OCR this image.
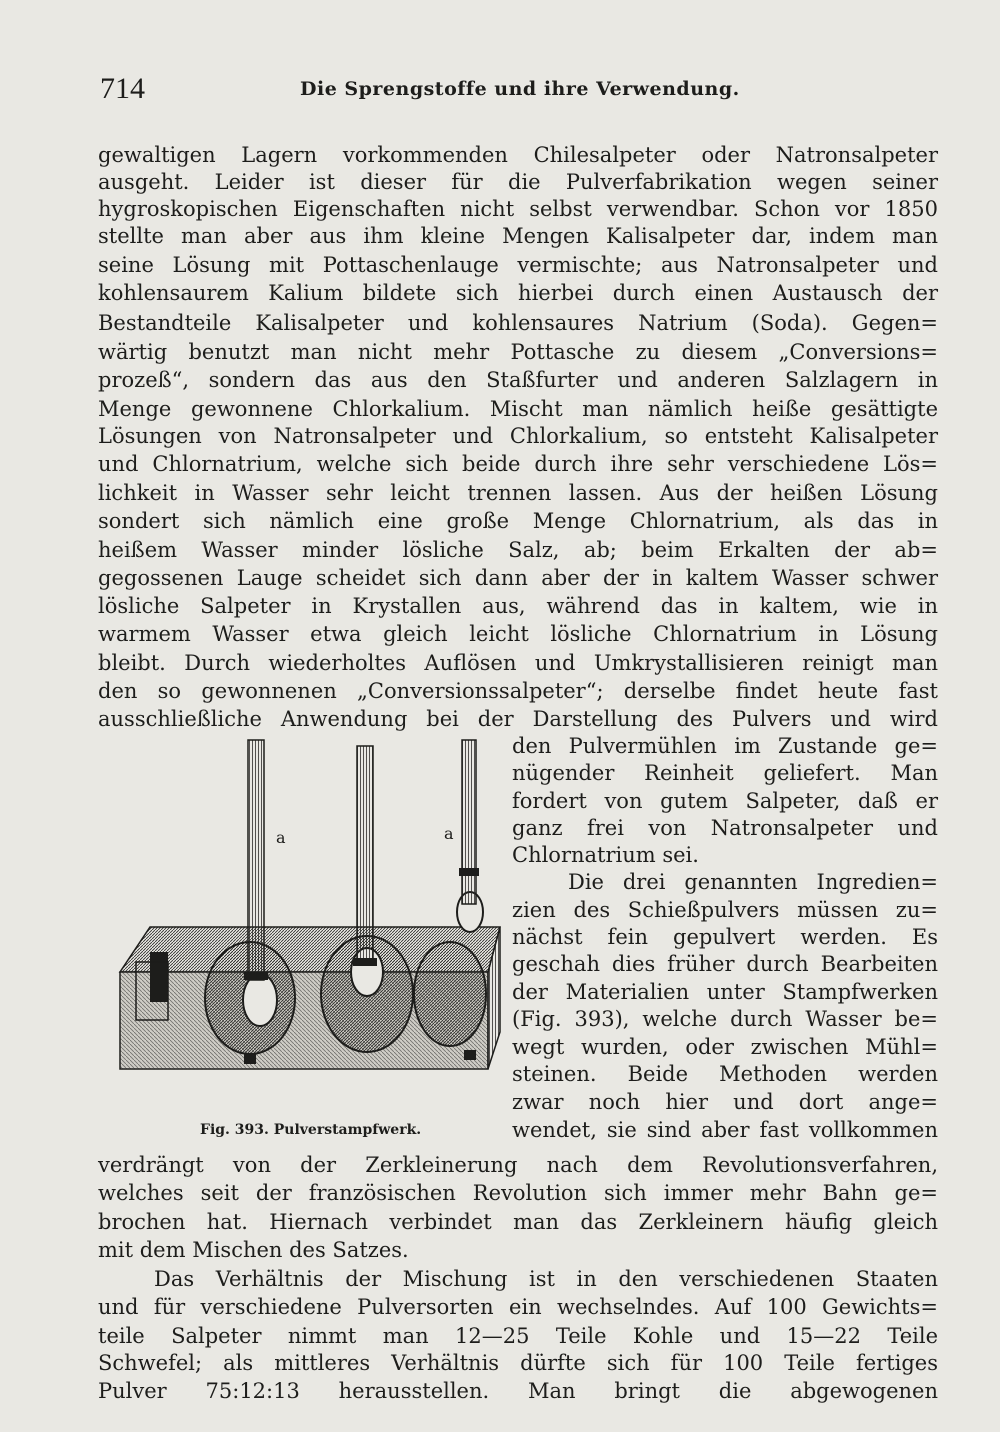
714	Die Sprengstoffe und ihre Verwendung.

gewaltigen Lagern vorkommenden Chilesalpeter oder Natronsalpeter

ausgeht. Leider ist dieser für die Pulverfabrikation wegen seiner

hygroskopischen Eigenschaften nicht selbst verwendbar. Schon vor 1850

stellte man aber aus ihm kleine Mengen Kalisalpeter dar, indem man

seine Lösung mit Pottaschenlauge vermischte; aus Natronsalpeter und

kohlensaurem Kalium bildete sich hierbei durch einen Austausch der

Bestandteile Kalisalpeter und kohlensaures Natrium (Soda). Gegen=

wärtig benutzt man nicht mehr Pottasche zu diesem „Conversions=

prozeß“, sondern das aus den Staßfurter und anderen Salzlagern in

Menge gewonnene Chlorkalium. Mischt man nämlich heiße gesättigte

Lösungen von Natronsalpeter und Chlorkalium, so entsteht Kalisalpeter

und Chlornatrium, welche sich beide durch ihre sehr verschiedene Lös=

lichkeit in Wasser sehr leicht trennen lassen. Aus der heißen Lösung

sondert sich nämlich eine große Menge Chlornatrium, als das in

heißem Wasser minder lösliche Salz, ab; beim Erkalten der ab=

gegossenen Lauge scheidet sich dann aber der in kaltem Wasser schwer

lösliche Salpeter in Krystallen aus, während das in kaltem, wie in

warmem Wasser etwa gleich leicht lösliche Chlornatrium in Lösung

bleibt. Durch wiederholtes Auflösen und Umkrystallisieren reinigt man

den so gewonnenen „Conversionssalpeter“; derselbe findet heute fast

ausschließliche Anwendung bei der Darstellung des Pulvers und wird

den Pulvermühlen im Zustande ge=

nügender Reinheit geliefert. Man

fordert von gutem Salpeter, daß er

ganz frei von Natronsalpeter und

Chlornatrium sei.

Die drei genannten Ingredien=

zien des Schießpulvers müssen zu=

nächst fein gepulvert werden. Es

geschah dies früher durch Bearbeiten

der Materialien unter Stampfwerken

(Fig. 393), welche durch Wasser be=

wegt wurden, oder zwischen Mühl=

steinen. Beide Methoden werden

zwar noch hier und dort ange=

wendet, sie sind aber fast vollkommen

verdrängt von der Zerkleinerung nach dem Revolutionsverfahren,

welches seit der französischen Revolution sich immer mehr Bahn ge=

brochen hat. Hiernach verbindet man das Zerkleinern häufig gleich

mit dem Mischen des Satzes.

Das Verhältnis der Mischung ist in den verschiedenen Staaten

und für verschiedene Pulversorten ein wechselndes. Auf 100 Gewichts=

teile Salpeter nimmt man 12—25 Teile Kohle und 15—22 Teile

Schwefel; als mittleres Verhältnis dürfte sich für 100 Teile fertiges

Pulver 75:12:13 herausstellen. Man bringt die abgewogenen

a	a
Fig. 393. Pulverstampfwerk.
